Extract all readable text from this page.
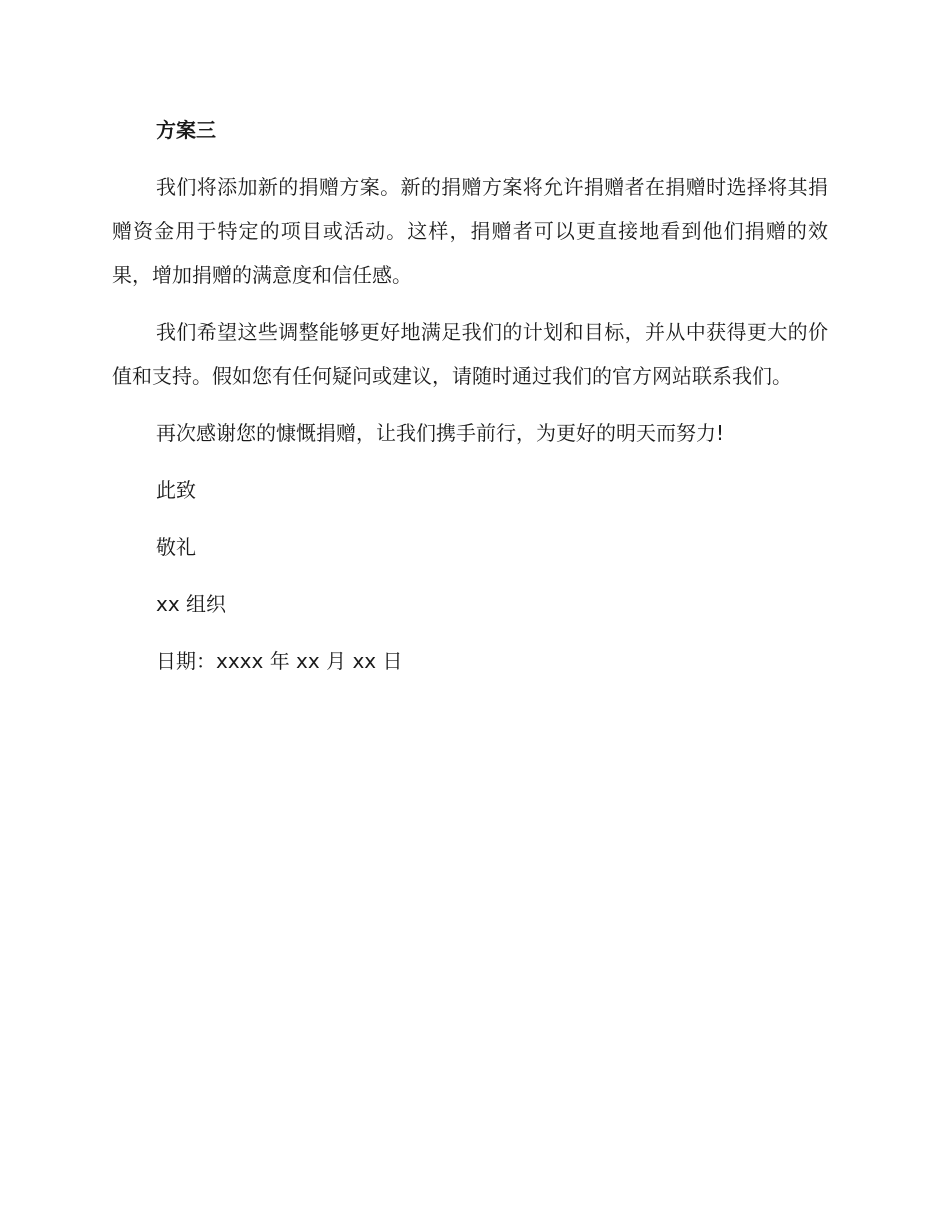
方案三

我们将添加新的捐赠方案。新的捐赠方案将允许捐赠者在捐赠时选择将其捐赠资金用于特定的项目或活动。这样，捐赠者可以更直接地看到他们捐赠的效果，增加捐赠的满意度和信任感。

我们希望这些调整能够更好地满足我们的计划和目标，并从中获得更大的价值和支持。假如您有任何疑问或建议，请随时通过我们的官方网站联系我们。

再次感谢您的慷慨捐赠，让我们携手前行，为更好的明天而努力!

此致

敬礼

xx 组织

日期：xxxx 年 xx 月 xx 日
